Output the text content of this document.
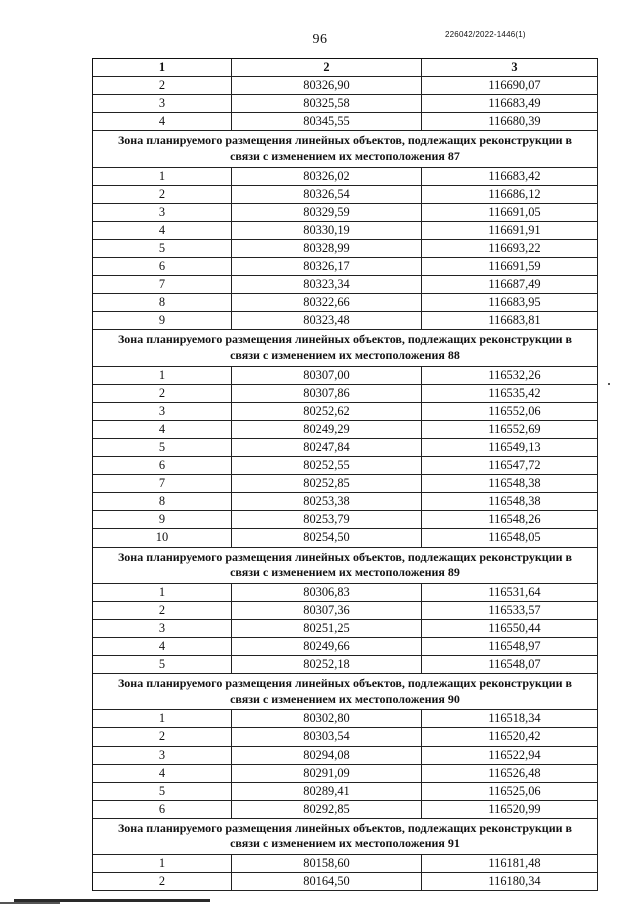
96	226042/2022-1446(1)
1	2	3
2	80326,90	116690,07
3	80325,58	116683,49
4	80345,55	116680,39
Зона планируемого размещения линейных объектов, подлежащих реконструкции в
связи с изменением их местоположения 87
1	80326,02	116683,42
2	80326,54	116686,12
3	80329,59	116691,05
4	80330,19	116691,91
5	80328,99	116693,22
6	80326,17	116691,59
7	80323,34	116687,49
8	80322,66	116683,95
9	80323,48	116683,81
Зона планируемого размещения линейных объектов, подлежащих реконструкции в
связи с изменением их местоположения 88
1	80307,00	116532,26
2	80307,86	116535,42
3	80252,62	116552,06
4	80249,29	116552,69
5	80247,84	116549,13
6	80252,55	116547,72
7	80252,85	116548,38
8	80253,38	116548,38
9	80253,79	116548,26
10	80254,50	116548,05
Зона планируемого размещения линейных объектов, подлежащих реконструкции в
связи с изменением их местоположения 89
1	80306,83	116531,64
2	80307,36	116533,57
3	80251,25	116550,44
4	80249,66	116548,97
5	80252,18	116548,07
Зона планируемого размещения линейных объектов, подлежащих реконструкции в
связи с изменением их местоположения 90
1	80302,80	116518,34
2	80303,54	116520,42
3	80294,08	116522,94
4	80291,09	116526,48
5	80289,41	116525,06
6	80292,85	116520,99
Зона планируемого размещения линейных объектов, подлежащих реконструкции в
связи с изменением их местоположения 91
1	80158,60	116181,48
2	80164,50	116180,34
